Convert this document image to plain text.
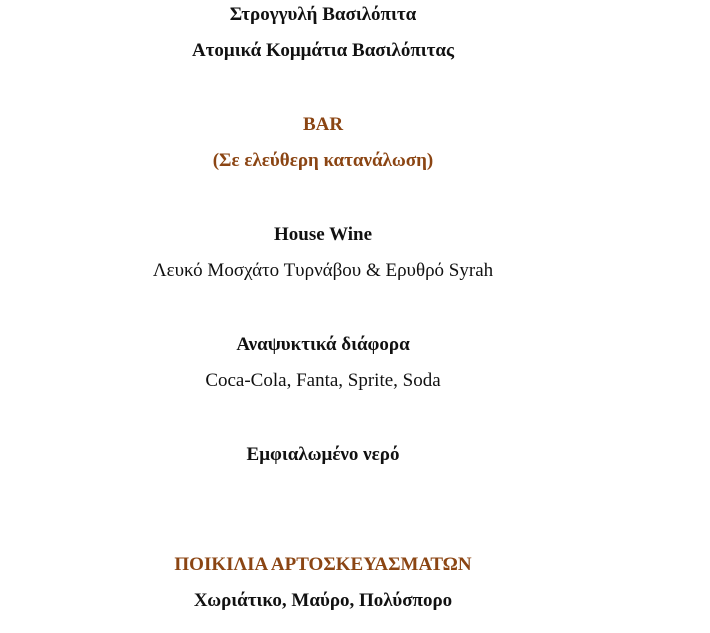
Στρογγυλή Βασιλόπιτα
Ατομικά Κομμάτια Βασιλόπιτας
BAR
(Σε ελεύθερη κατανάλωση)
House Wine
Λευκό Μοσχάτο Τυρνάβου & Ερυθρό Syrah
Αναψυκτικά διάφορα
Coca-Cola, Fanta, Sprite, Soda
Εμφιαλωμένο νερό
ΠΟΙΚΙΛΙΑ ΑΡΤΟΣΚΕΥΑΣΜΑΤΩΝ
Χωριάτικο, Μαύρο, Πολύσπορο
